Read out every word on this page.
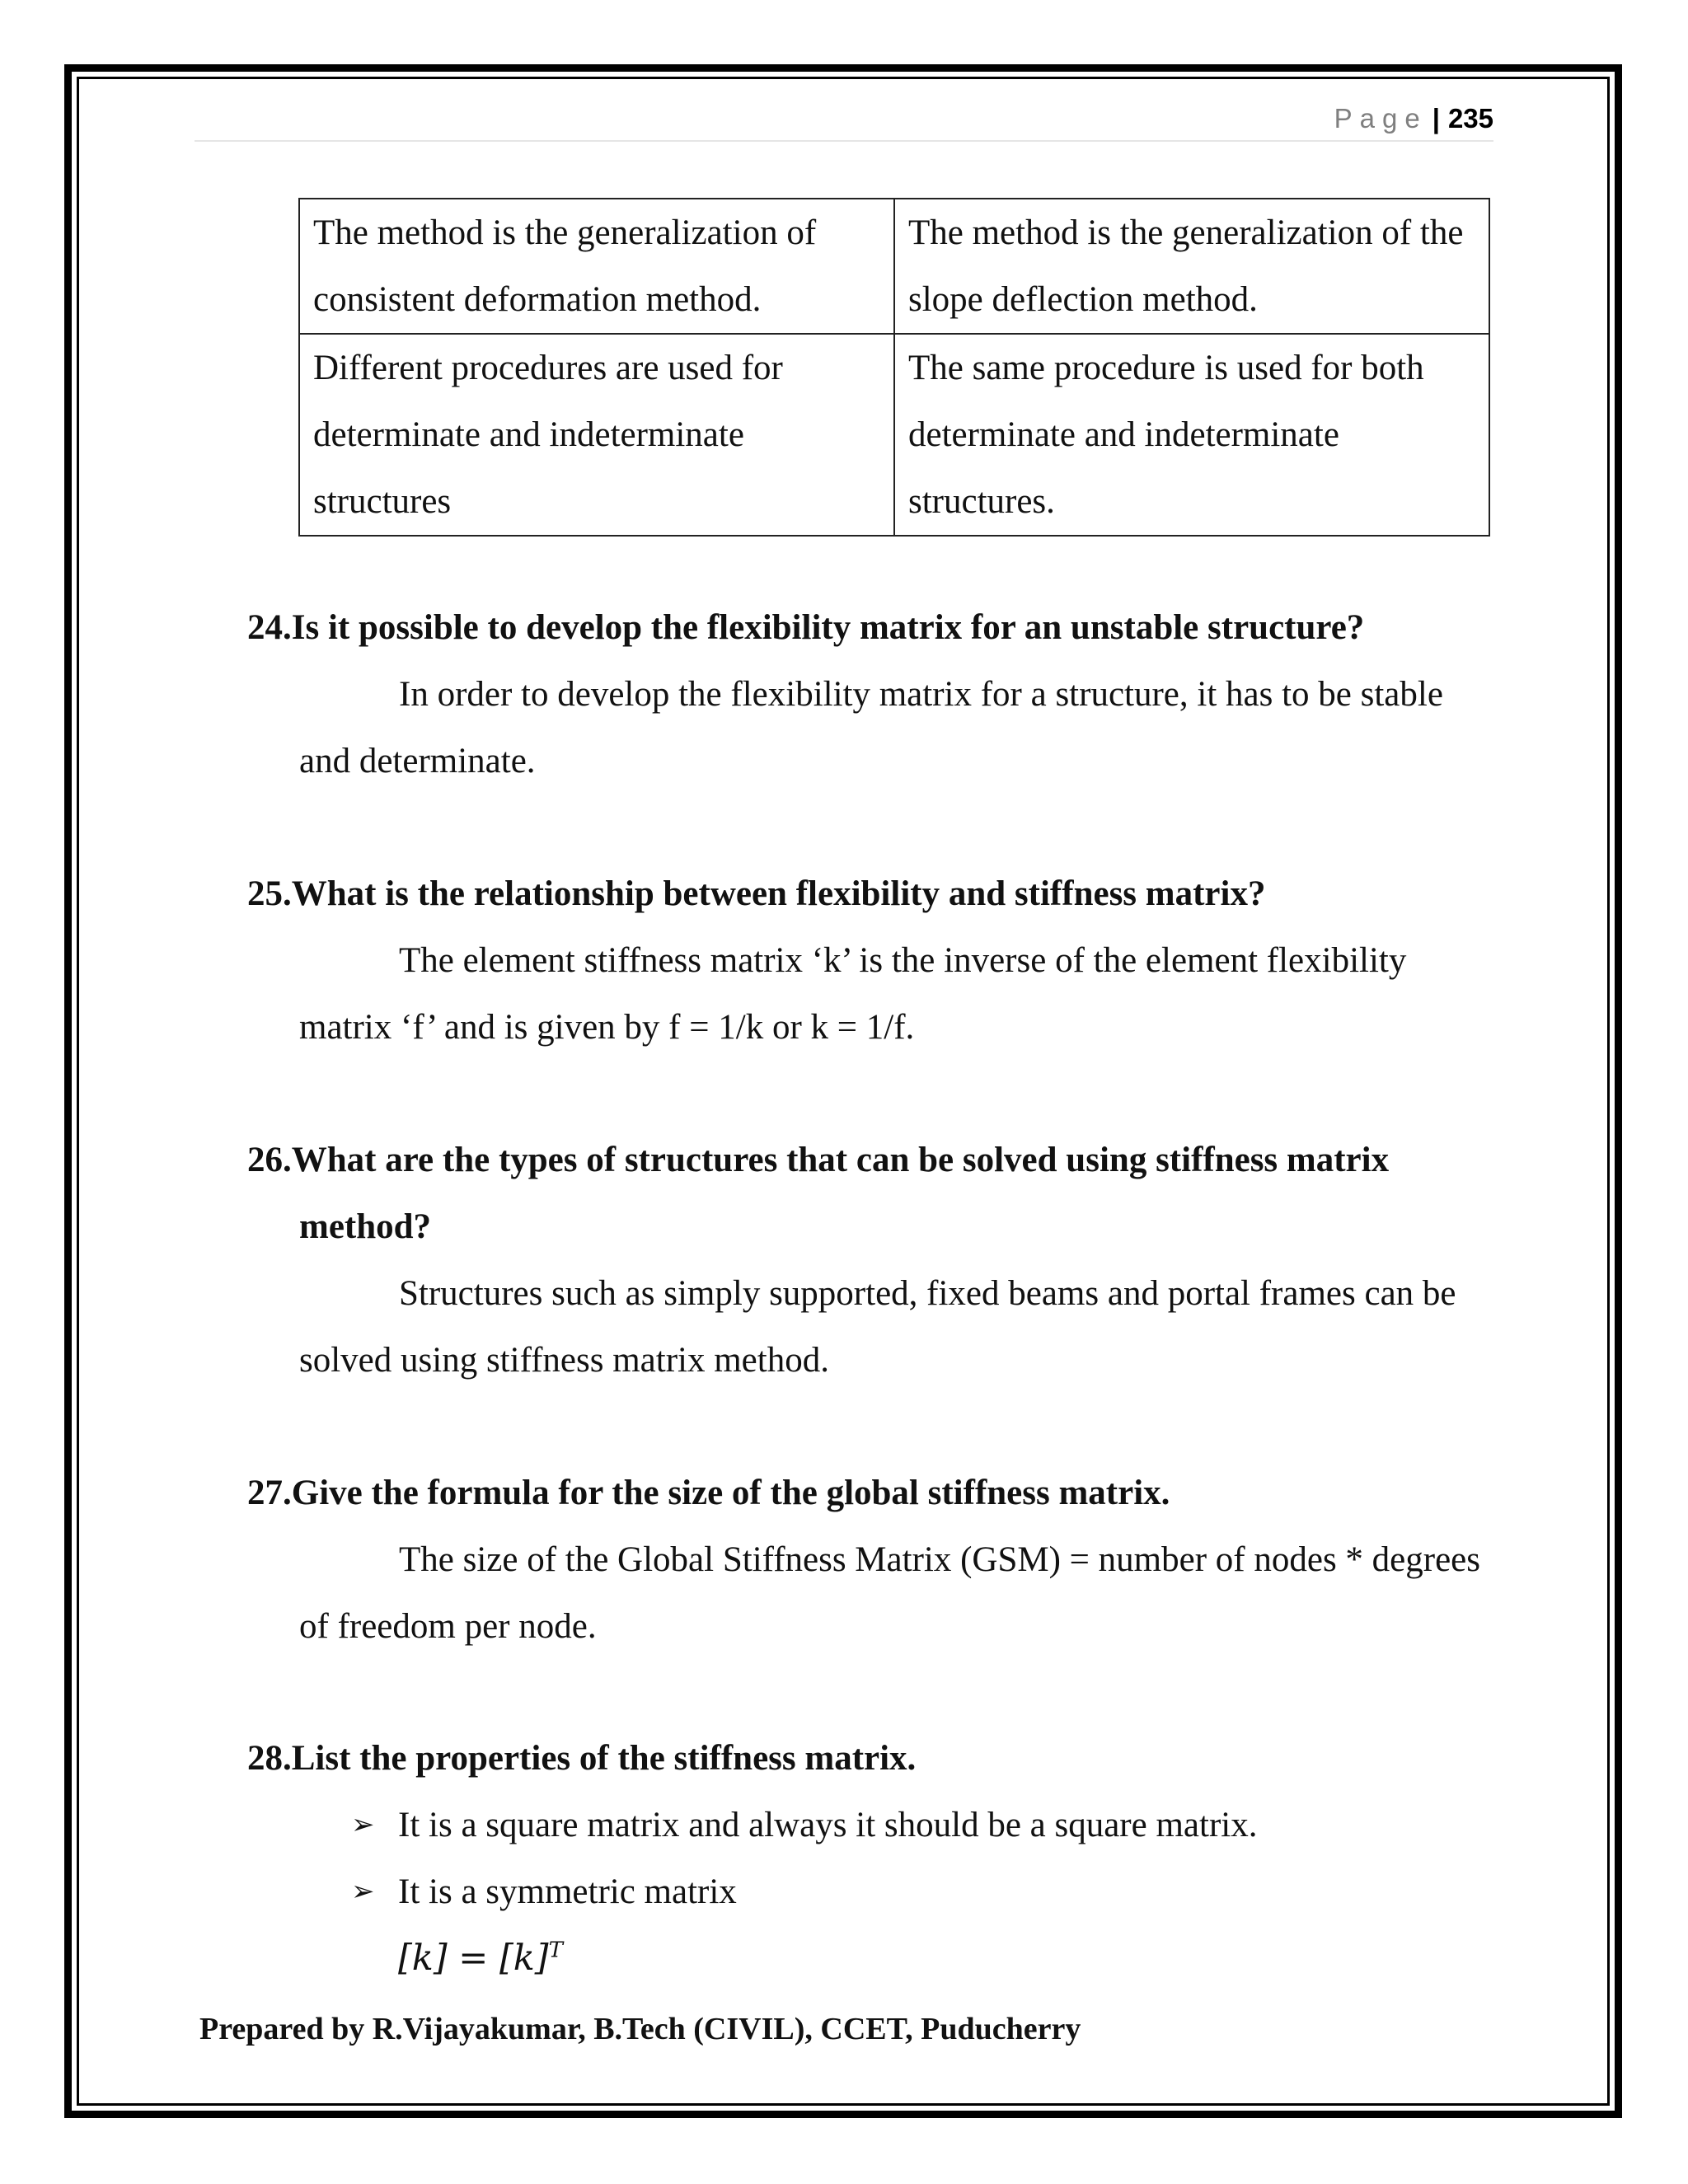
Page | 235
The method is the generalization of consistent deformation method.	The method is the generalization of the slope deflection method.
Different procedures are used for determinate and indeterminate structures	The same procedure is used for both determinate and indeterminate structures.
24.Is it possible to develop the flexibility matrix for an unstable structure?
In order to develop the flexibility matrix for a structure, it has to be stable and determinate.
25.What is the relationship between flexibility and stiffness matrix?
The element stiffness matrix ‘k’ is the inverse of the element flexibility matrix ‘f’ and is given by f = 1/k or k = 1/f.
26.What are the types of structures that can be solved using stiffness matrix method?
Structures such as simply supported, fixed beams and portal frames can be solved using stiffness matrix method.
27.Give the formula for the size of the global stiffness matrix.
The size of the Global Stiffness Matrix (GSM) = number of nodes * degrees of freedom per node.
28.List the properties of the stiffness matrix.
➢ It is a square matrix and always it should be a square matrix.
➢ It is a symmetric matrix
$[k] = [k]^T$
Prepared by R.Vijayakumar, B.Tech (CIVIL), CCET, Puducherry
